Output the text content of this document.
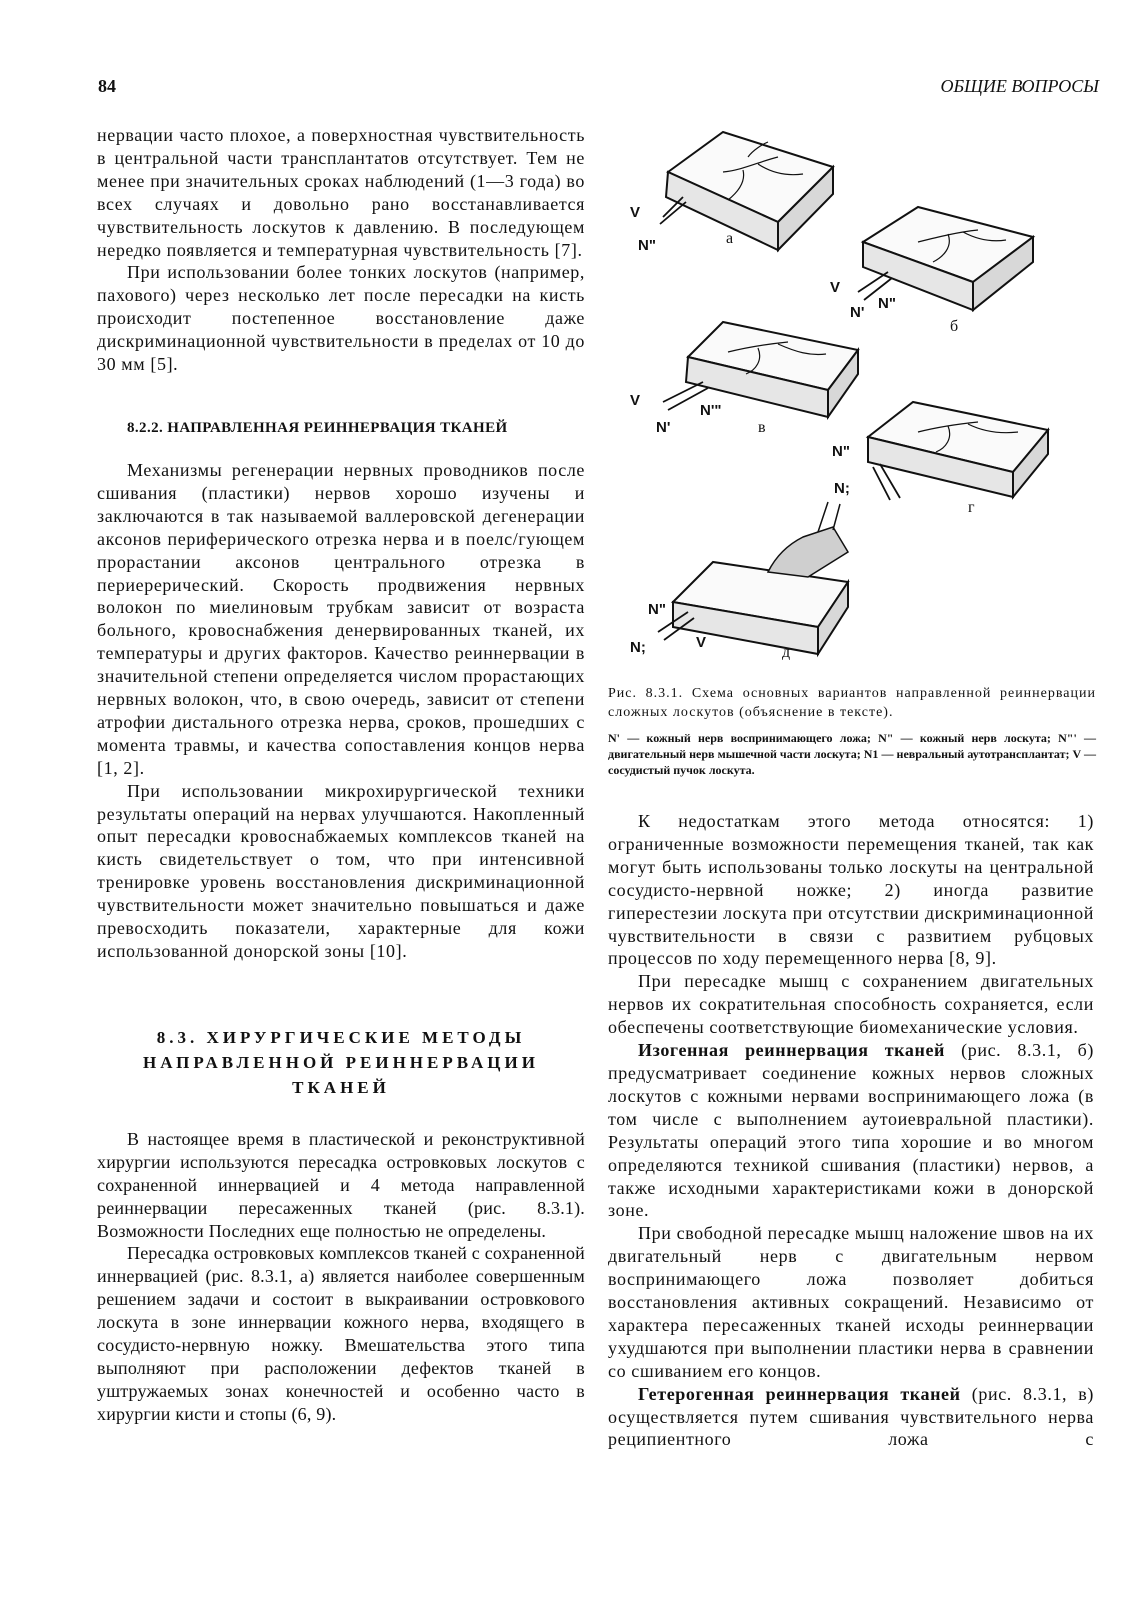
84	ОБЩИЕ ВОПРОСЫ

нервации часто плохое, а поверхностная чувствительность в центральной части трансплантатов отсутствует. Тем не менее при значительных сроках наблюдений (1—3 года) во всех случаях и довольно рано восстанавливается чувствительность лоскутов к давлению. В последующем нередко появляется и температурная чувствительность [7].

При использовании более тонких лоскутов (например, пахового) через несколько лет после пересадки на кисть происходит постепенное восстановление даже дискриминационной чувствительности в пределах от 10 до 30 мм [5].

8.2.2. НАПРАВЛЕННАЯ РЕИННЕРВАЦИЯ ТКАНЕЙ

Механизмы регенерации нервных проводников после сшивания (пластики) нервов хорошо изучены и заключаются в так называемой валлеровской дегенерации аксонов периферического отрезка нерва и в поелс/гующем прорастании аксонов центрального отрезка в периерерический. Скорость продвижения нервных волокон по миелиновым трубкам зависит от возраста больного, кровоснабжения денервированных тканей, их температуры и других факторов. Качество реиннервации в значительной степени определяется числом прорастающих нервных волокон, что, в свою очередь, зависит от степени атрофии дистального отрезка нерва, сроков, прошедших с момента травмы, и качества сопоставления концов нерва [1, 2].

При использовании микрохирургической техники результаты операций на нервах улучшаются. Накопленный опыт пересадки кровоснабжаемых комплексов тканей на кисть свидетельствует о том, что при интенсивной тренировке уровень восстановления дискриминационной чувствительности может значительно повышаться и даже превосходить показатели, характерные для кожи использованной донорской зоны [10].

8.3. ХИРУРГИЧЕСКИЕ МЕТОДЫ

НАПРАВЛЕННОЙ РЕИННЕРВАЦИИ

ТКАНЕЙ

В настоящее время в пластической и реконструктивной хирургии используются пересадка островковых лоскутов с сохраненной иннервацией и 4 метода направленной реиннервации пересаженных тканей (рис. 8.3.1). Возможности Последних еще полностью не определены.

Пересадка островковых комплексов тканей с сохраненной иннервацией (рис. 8.3.1, а) является наиболее совершенным решением задачи и состоит в выкраивании островкового лоскута в зоне иннервации кожного нерва, входящего в сосудисто-нервную ножку. Вмешательства этого типа выполняют при расположении дефектов тканей в уштружаемых зонах конечностей и особенно часто в хирургии кисти и стопы (6, 9).

V
N"	а
V
N"
N'
б
V
N'"
N'	в
N"
N;
г
N"
N;	V
д

Рис. 8.3.1. Схема основных вариантов направленной реиннервации сложных лоскутов (объяснение в тексте).

N' — кожный нерв воспринимающего ложа; N" — кожный нерв лоскута; N"' — двигательный нерв мышечной части лоскута; N1 — невральный аутотрансплантат; V — сосудистый пучок лоскута.

К недостаткам этого метода относятся: 1) ограниченные возможности перемещения тканей, так как могут быть использованы только лоскуты на центральной сосудисто-нервной ножке; 2) иногда развитие гиперестезии лоскута при отсутствии дискриминационной чувствительности в связи с развитием рубцовых процессов по ходу перемещенного нерва [8, 9].

При пересадке мышц с сохранением двигательных нервов их сократительная способность сохраняется, если обеспечены соответствующие биомеханические условия.

Изогенная реиннервация тканей (рис. 8.3.1, б) предусматривает соединение кожных нервов сложных лоскутов с кожными нервами воспринимающего ложа (в том числе с выполнением аутоиевральной пластики). Результаты операций этого типа хорошие и во многом определяются техникой сшивания (пластики) нервов, а также исходными характеристиками кожи в донорской зоне.

При свободной пересадке мышц наложение швов на их двигательный нерв с двигательным нервом воспринимающего ложа позволяет добиться восстановления активных сокращений. Независимо от характера пересаженных тканей исходы реиннервации ухудшаются при выполнении пластики нерва в сравнении со сшиванием его концов.

Гетерогенная реиннервация тканей (рис. 8.3.1, в) осуществляется путем сшивания чувствительного нерва реципиентного ложа с
